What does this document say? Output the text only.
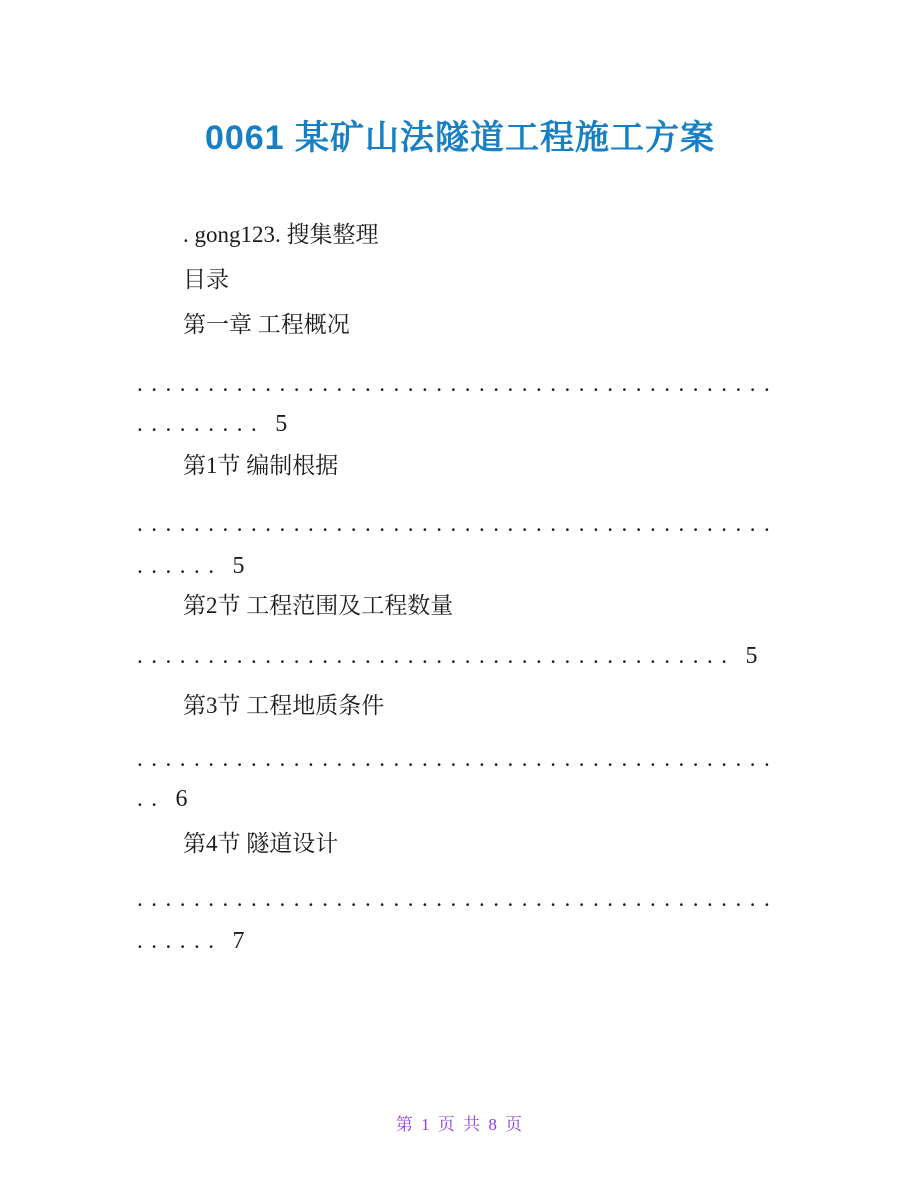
0061 某矿山法隧道工程施工方案
. gong123. 搜集整理
目录
第一章 工程概况
.............................................
......... 5
第1节 编制根据
.............................................
...... 5
第2节 工程范围及工程数量
.......................................... 5
第3节 工程地质条件
.............................................
.. 6
第4节 隧道设计
.............................................
...... 7
第 1 页 共 8 页
